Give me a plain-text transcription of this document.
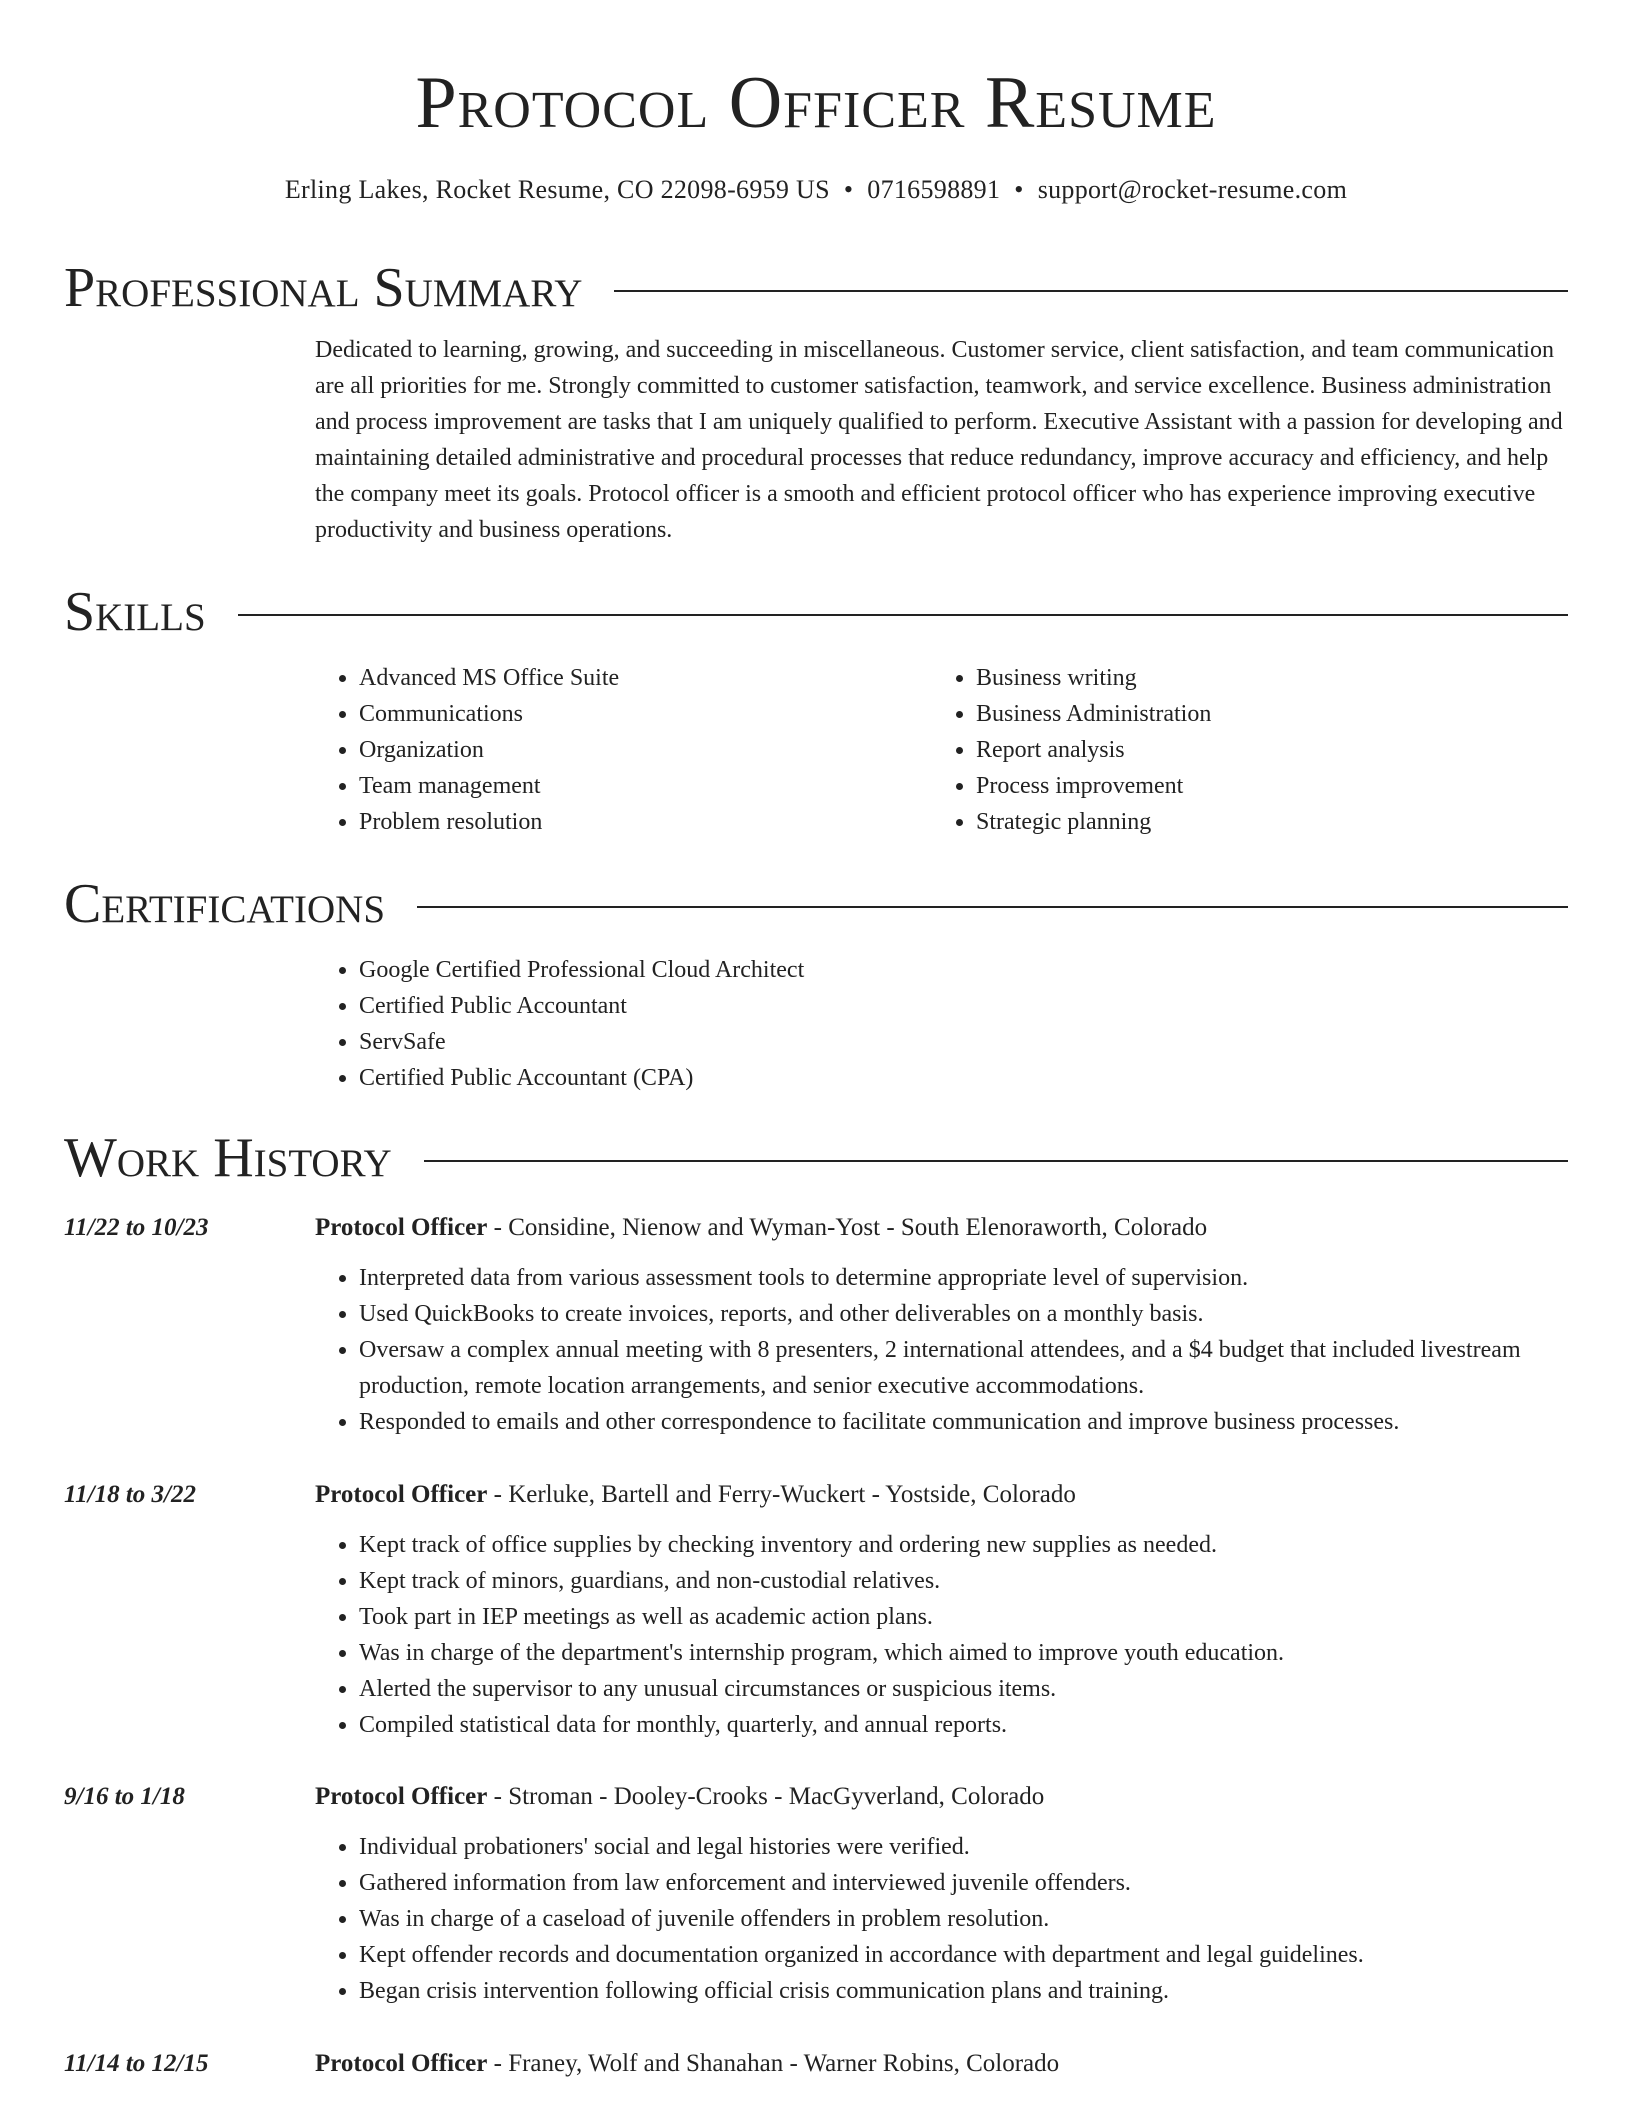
Protocol Officer Resume
Erling Lakes, Rocket Resume, CO 22098-6959 US • 0716598891 • support@rocket-resume.com
Professional Summary

Dedicated to learning, growing, and succeeding in miscellaneous. Customer service, client satisfaction, and team communication are all priorities for me. Strongly committed to customer satisfaction, teamwork, and service excellence. Business administration and process improvement are tasks that I am uniquely qualified to perform. Executive Assistant with a passion for developing and maintaining detailed administrative and procedural processes that reduce redundancy, improve accuracy and efficiency, and help the company meet its goals. Protocol officer is a smooth and efficient protocol officer who has experience improving executive productivity and business operations.

Skills
• Advanced MS Office Suite
• Communications
• Organization
• Team management
• Problem resolution
• Business writing
• Business Administration
• Report analysis
• Process improvement
• Strategic planning
Certifications
• Google Certified Professional Cloud Architect
• Certified Public Accountant
• ServSafe
• Certified Public Accountant (CPA)
Work History
11/22 to 10/23	Protocol Officer - Considine, Nienow and Wyman-Yost - South Elenoraworth, Colorado
• Interpreted data from various assessment tools to determine appropriate level of supervision.
• Used QuickBooks to create invoices, reports, and other deliverables on a monthly basis.
• Oversaw a complex annual meeting with 8 presenters, 2 international attendees, and a $4 budget that included livestream production, remote location arrangements, and senior executive accommodations.
• Responded to emails and other correspondence to facilitate communication and improve business processes.
11/18 to 3/22	Protocol Officer - Kerluke, Bartell and Ferry-Wuckert - Yostside, Colorado
• Kept track of office supplies by checking inventory and ordering new supplies as needed.
• Kept track of minors, guardians, and non-custodial relatives.
• Took part in IEP meetings as well as academic action plans.
• Was in charge of the department's internship program, which aimed to improve youth education.
• Alerted the supervisor to any unusual circumstances or suspicious items.
• Compiled statistical data for monthly, quarterly, and annual reports.
9/16 to 1/18	Protocol Officer - Stroman - Dooley-Crooks - MacGyverland, Colorado
• Individual probationers' social and legal histories were verified.
• Gathered information from law enforcement and interviewed juvenile offenders.
• Was in charge of a caseload of juvenile offenders in problem resolution.
• Kept offender records and documentation organized in accordance with department and legal guidelines.
• Began crisis intervention following official crisis communication plans and training.
11/14 to 12/15	Protocol Officer - Franey, Wolf and Shanahan - Warner Robins, Colorado
